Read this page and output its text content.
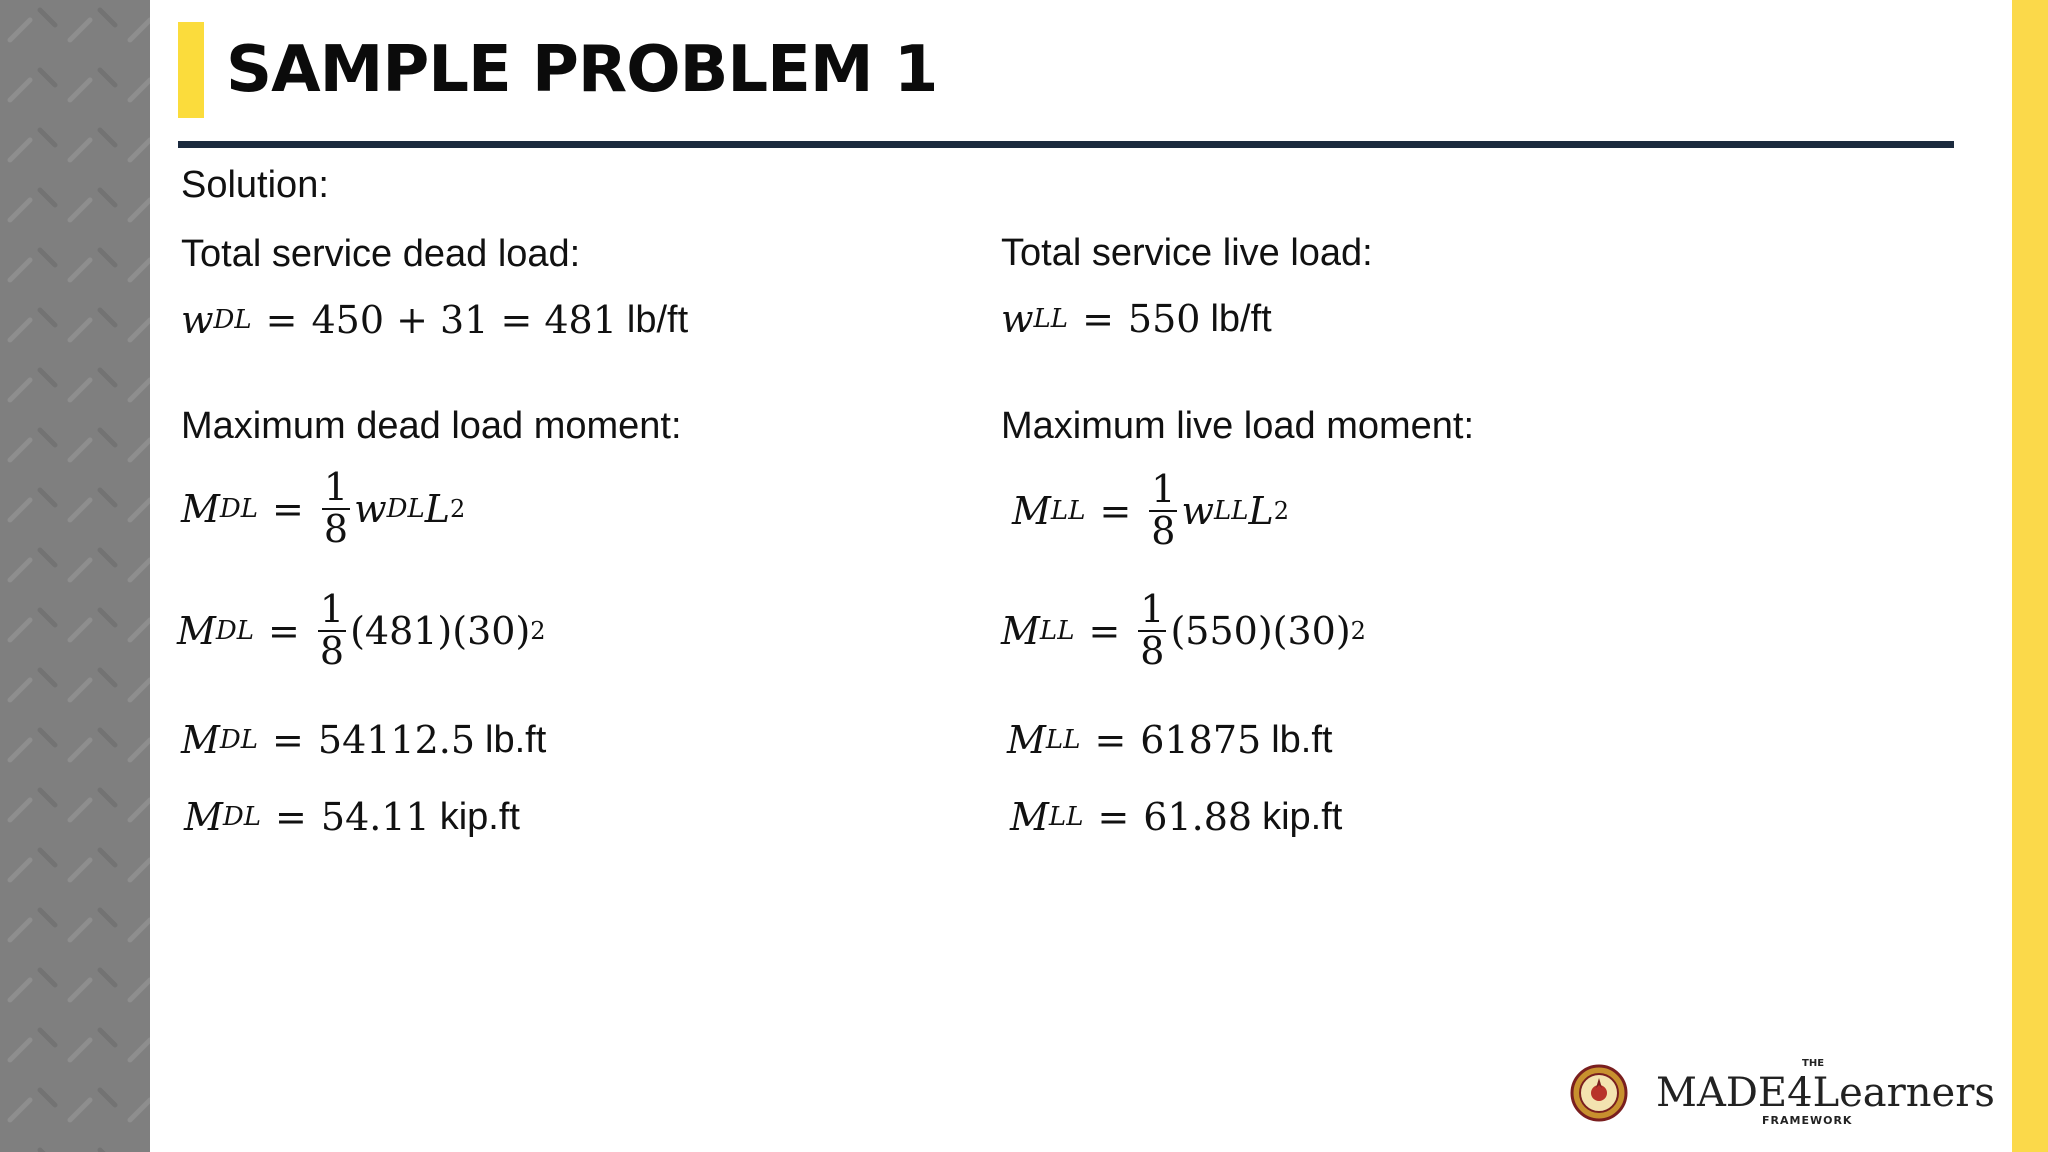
SAMPLE PROBLEM 1
Solution:
Total service dead load:
w DL = 450 + 31 = 481 lb/ft
Maximum dead load moment:
M DL = $\frac{1}{8}$ w DL L 2
M DL = $\frac{1}{8} (481)(30)$ 2
M DL = 54112.5 lb.ft
M DL = 54.11 kip.ft
Total service live load:
w LL = 550 lb/ft
Maximum live load moment:
M LL = $\frac{1}{8}$ w LL L 2
M LL = $\frac{1}{8} (550)(30)$ 2
M LL = 61875 lb.ft
M LL = 61.88 kip.ft
THE
MADE4Learners
FRAMEWORK
